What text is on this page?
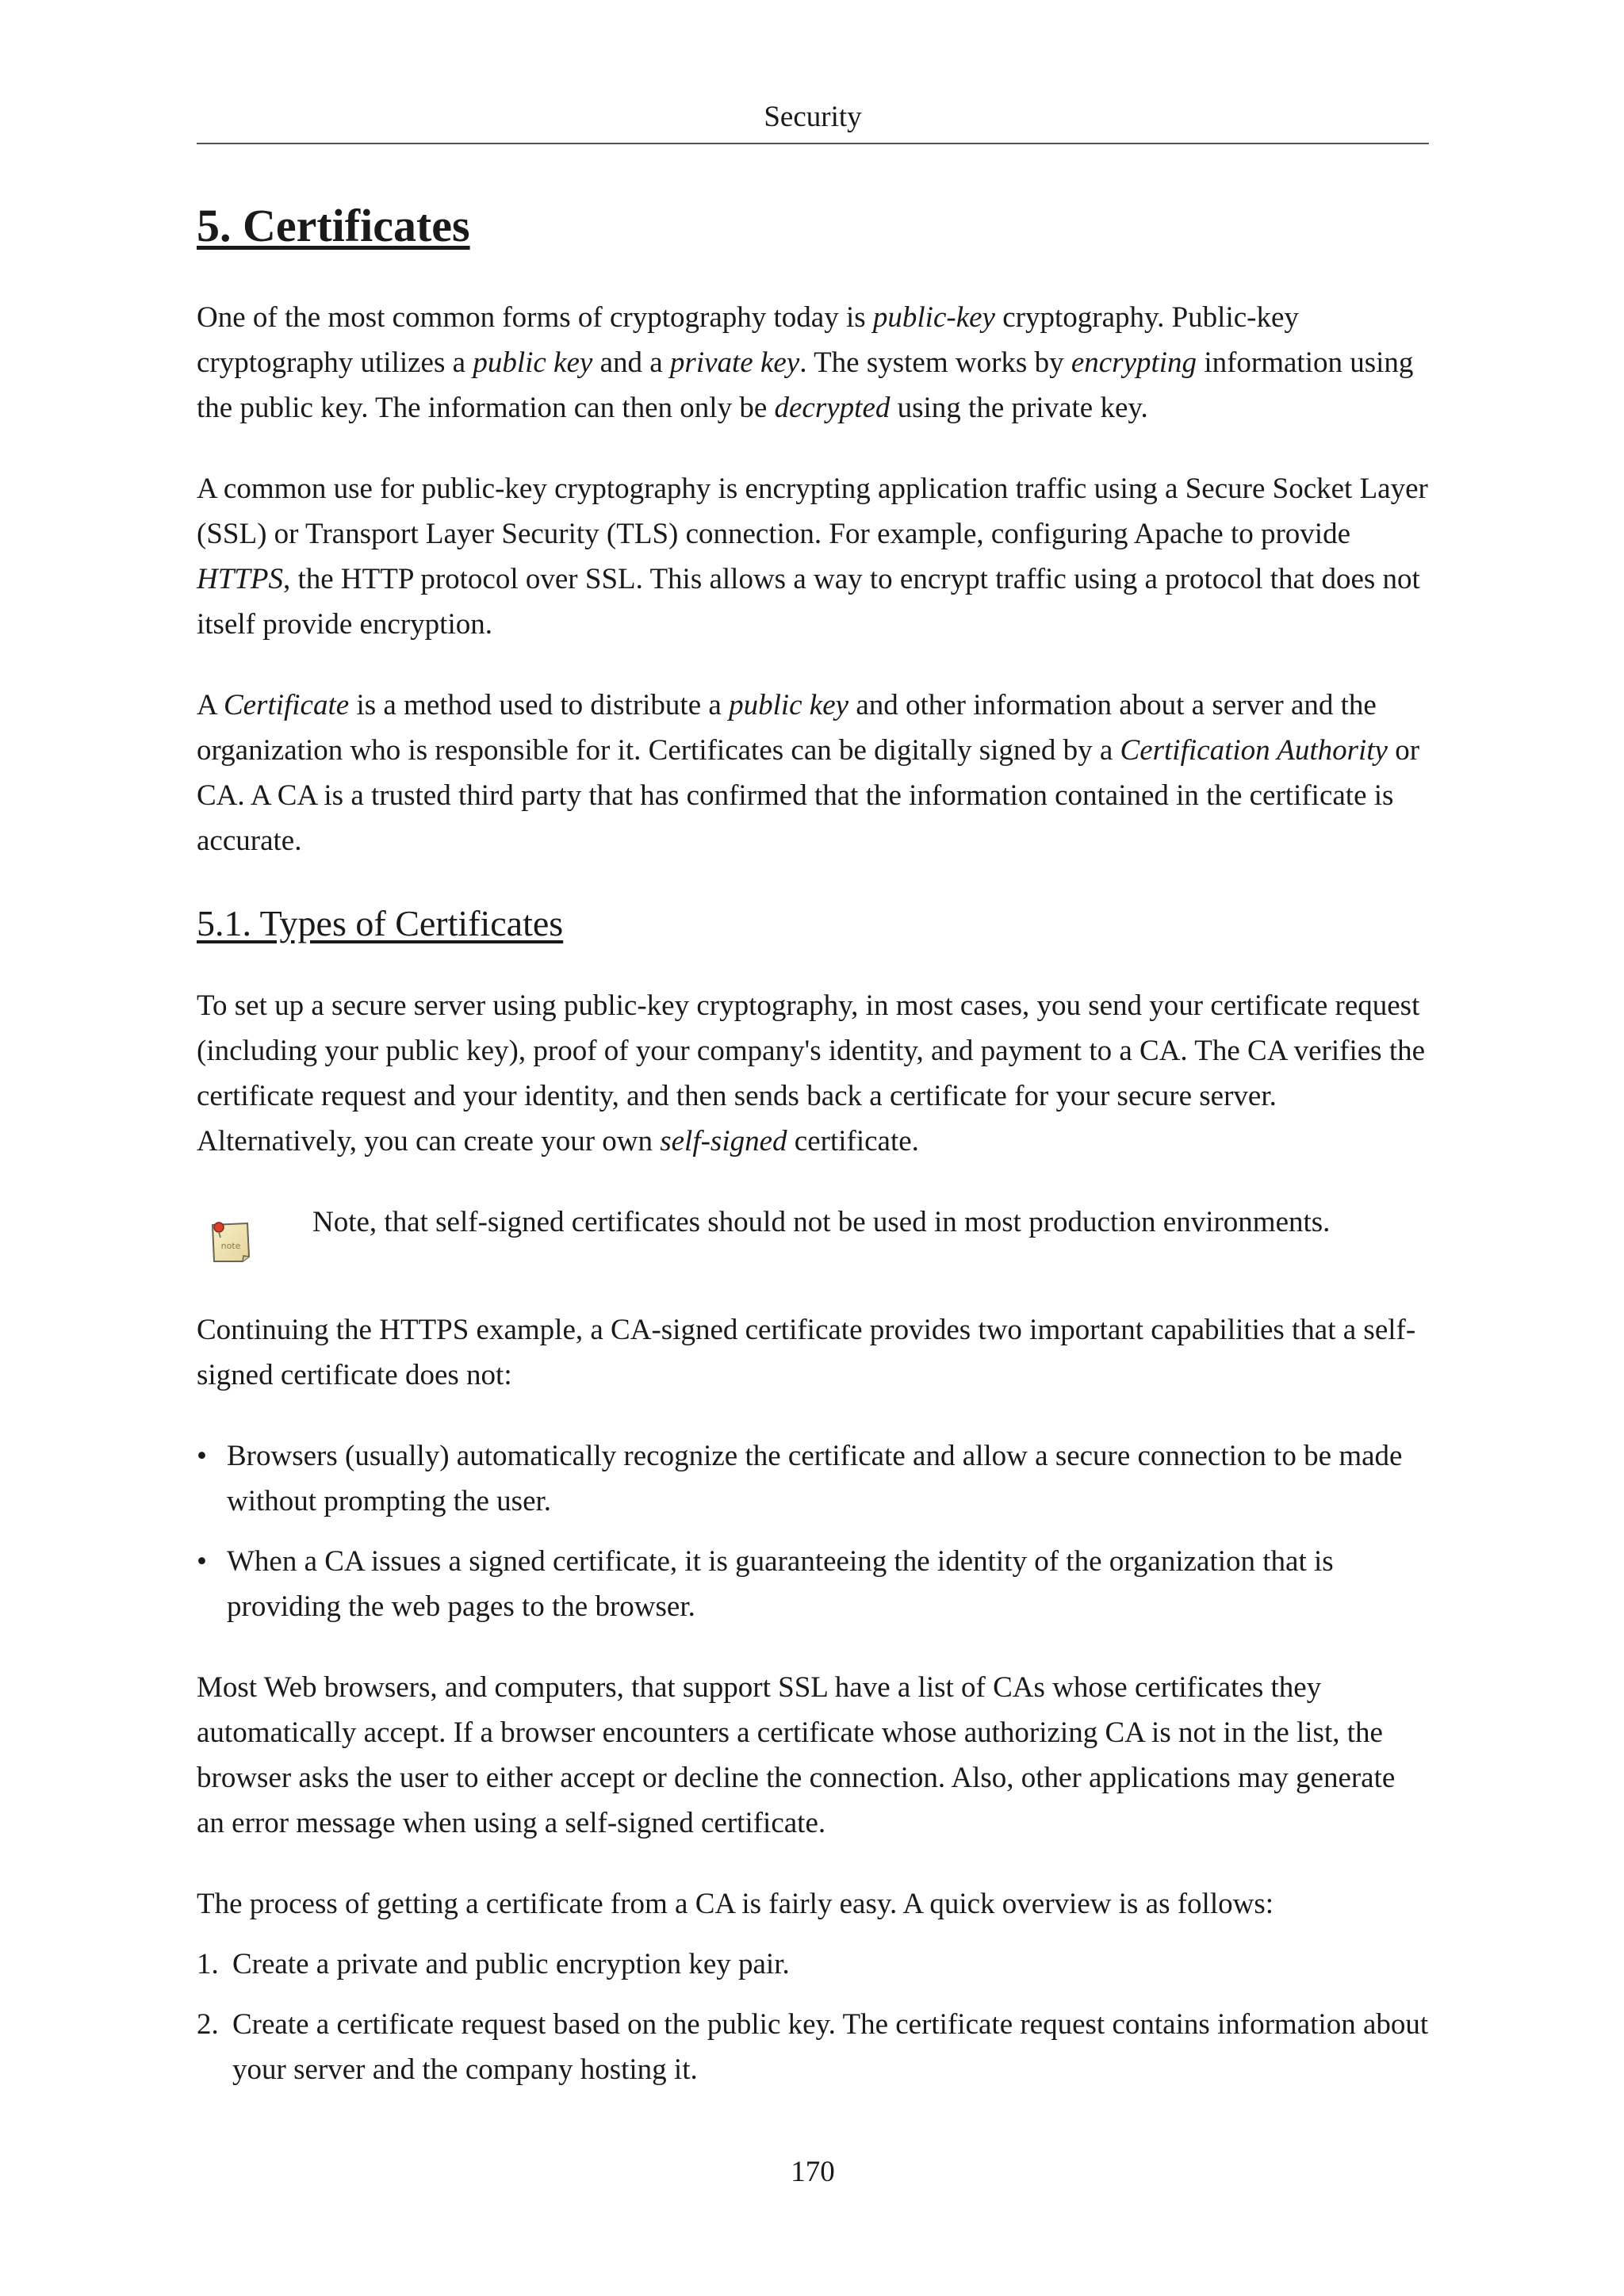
Security
5. Certificates

One of the most common forms of cryptography today is public-key cryptography. Public-key cryptography utilizes a public key and a private key. The system works by encrypting information using the public key. The information can then only be decrypted using the private key.

A common use for public-key cryptography is encrypting application traffic using a Secure Socket Layer (SSL) or Transport Layer Security (TLS) connection. For example, configuring Apache to provide HTTPS, the HTTP protocol over SSL. This allows a way to encrypt traffic using a protocol that does not itself provide encryption.

A Certificate is a method used to distribute a public key and other information about a server and the organization who is responsible for it. Certificates can be digitally signed by a Certification Authority or CA. A CA is a trusted third party that has confirmed that the information contained in the certificate is accurate.

5.1. Types of Certificates

To set up a secure server using public-key cryptography, in most cases, you send your certificate request (including your public key), proof of your company's identity, and payment to a CA. The CA verifies the certificate request and your identity, and then sends back a certificate for your secure server. Alternatively, you can create your own self-signed certificate.

note
Note, that self-signed certificates should not be used in most production environments.

Continuing the HTTPS example, a CA-signed certificate provides two important capabilities that a self-signed certificate does not:

• Browsers (usually) automatically recognize the certificate and allow a secure connection to be made without prompting the user.
• When a CA issues a signed certificate, it is guaranteeing the identity of the organization that is providing the web pages to the browser.

Most Web browsers, and computers, that support SSL have a list of CAs whose certificates they automatically accept. If a browser encounters a certificate whose authorizing CA is not in the list, the browser asks the user to either accept or decline the connection. Also, other applications may generate an error message when using a self-signed certificate.

The process of getting a certificate from a CA is fairly easy. A quick overview is as follows:

1. Create a private and public encryption key pair.
2. Create a certificate request based on the public key. The certificate request contains information about your server and the company hosting it.
170
